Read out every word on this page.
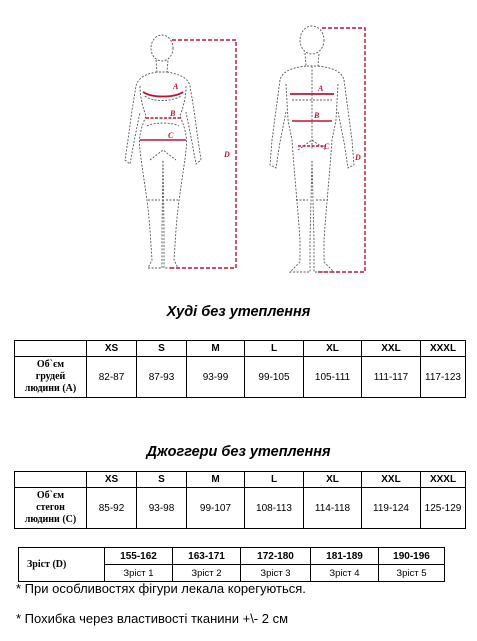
A
B
C
D
A
B
C
D
Худі без утеплення
	XS	S	M	L	XL	XXL	XXXL

Об`єм
грудей
людини (А)	82-87	87-93	93-99	99-105	105-111	111-117	117-123
Джоггери без утеплення
	XS	S	M	L	XL	XXL	XXXL

Об`єм
стегон
людини (С)	85-92	93-98	99-107	108-113	114-118	119-124	125-129
Зріст (D)	155-162	163-171	172-180	181-189	190-196
	Зріст 1	Зріст 2	Зріст 3	Зріст 4	Зріст 5
* При особливостях фігури лекала корегуються.
* Похибка через властивості тканини +\- 2 см
